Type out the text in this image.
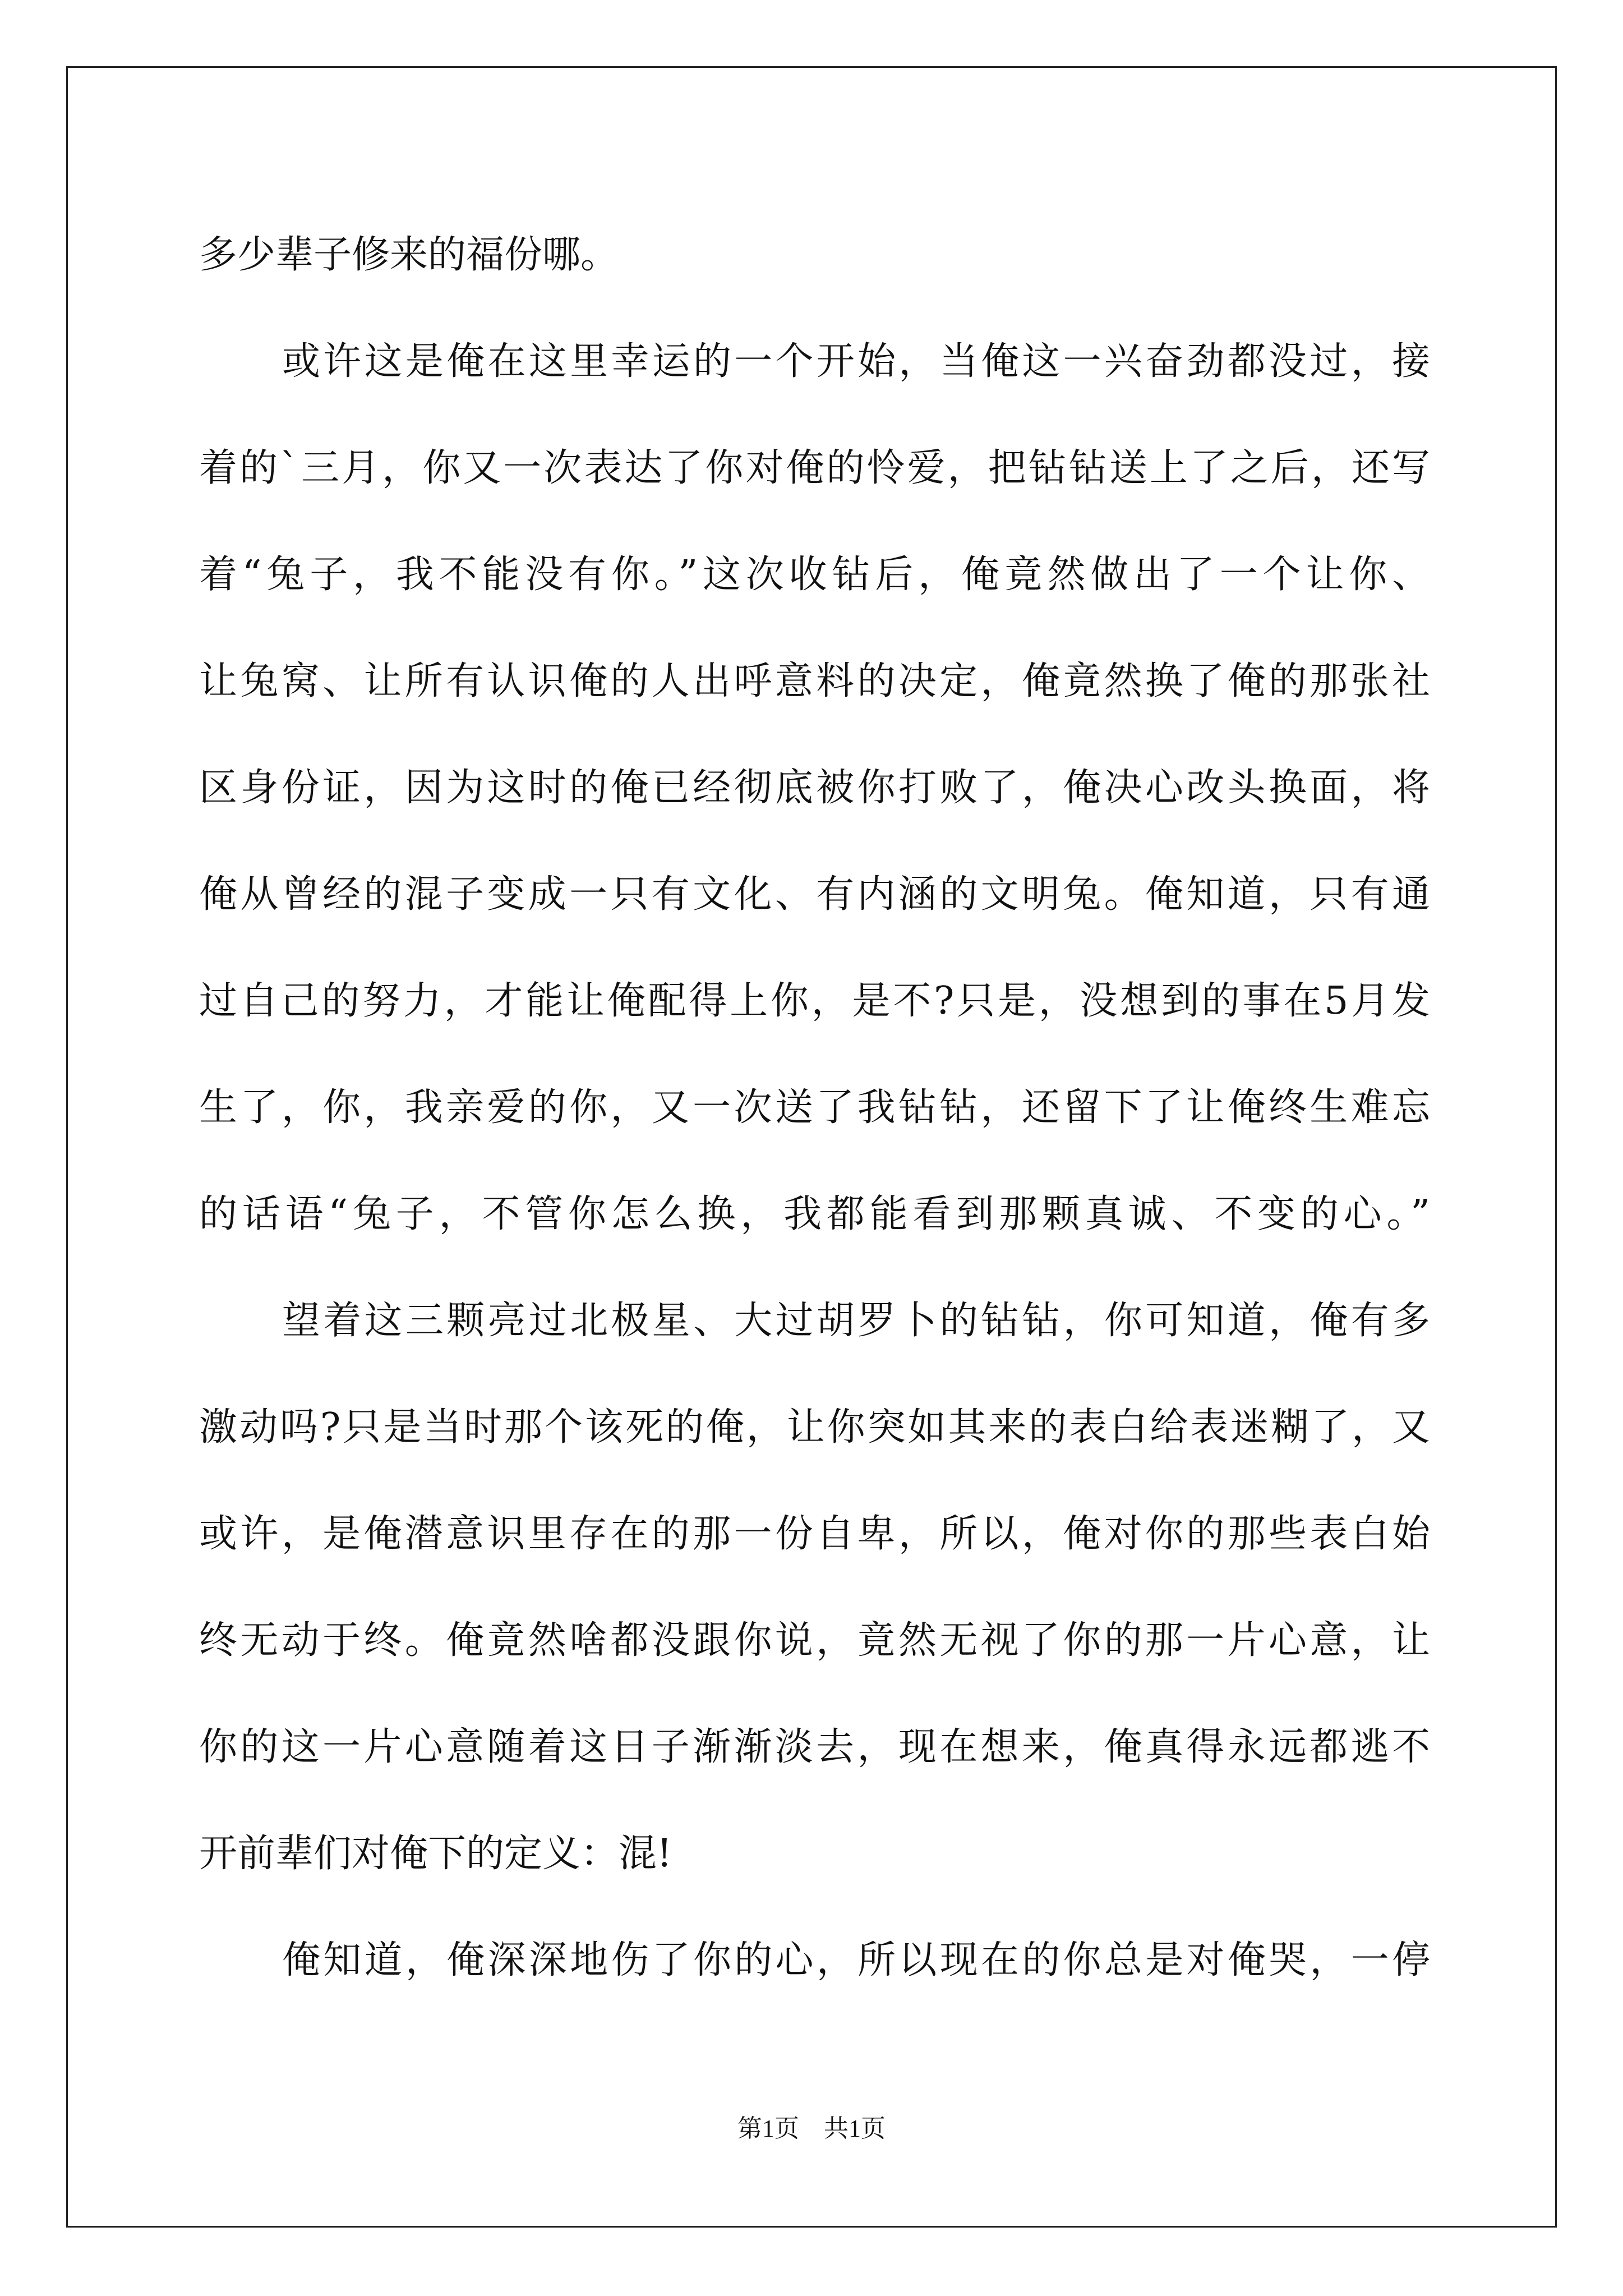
多少辈子修来的福份哪。
或许这是俺在这里幸运的一个开始，当俺这一兴奋劲都没过，接
着的`三月，你又一次表达了你对俺的怜爱，把钻钻送上了之后，还写
着“兔子，我不能没有你。”这次收钻后，俺竟然做出了一个让你、
让兔窝、让所有认识俺的人出呼意料的决定，俺竟然换了俺的那张社
区身份证，因为这时的俺已经彻底被你打败了，俺决心改头换面，将
俺从曾经的混子变成一只有文化、有内涵的文明兔。俺知道，只有通
过自己的努力，才能让俺配得上你，是不?只是，没想到的事在5月发
生了，你，我亲爱的你，又一次送了我钻钻，还留下了让俺终生难忘
的话语“兔子，不管你怎么换，我都能看到那颗真诚、不变的心。”
望着这三颗亮过北极星、大过胡罗卜的钻钻，你可知道，俺有多
激动吗?只是当时那个该死的俺，让你突如其来的表白给表迷糊了，又
或许，是俺潜意识里存在的那一份自卑，所以，俺对你的那些表白始
终无动于终。俺竟然啥都没跟你说，竟然无视了你的那一片心意，让
你的这一片心意随着这日子渐渐淡去，现在想来，俺真得永远都逃不
开前辈们对俺下的定义：混!
俺知道，俺深深地伤了你的心，所以现在的你总是对俺哭，一停
第1页　共1页
